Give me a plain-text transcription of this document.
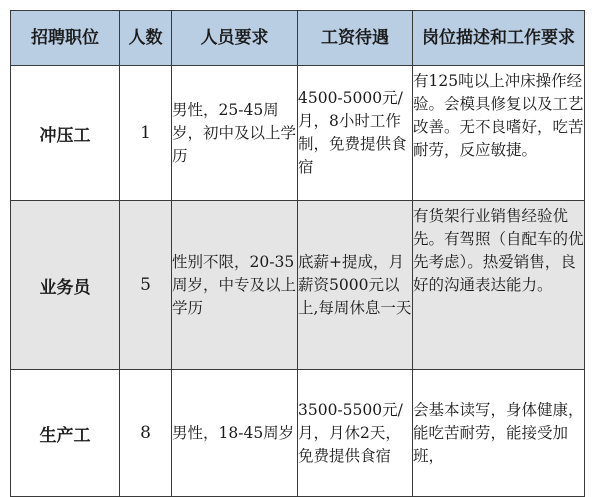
招聘职位	人数	人员要求	工资待遇	岗位描述和工作要求

冲压工	1	男性，25-45周岁，初中及以上学历	4500-5000元/月，8小时工作制，免费提供食宿	有125吨以上冲床操作经验。会模具修复以及工艺改善。无不良嗜好，吃苦耐劳，反应敏捷。

业务员	5	性别不限，20-35周岁，中专及以上学历	底薪+提成，月薪资5000元以上,每周休息一天	有货架行业销售经验优先。有驾照（自配车的优先考虑）。热爱销售，良好的沟通表达能力。

生产工	8	男性，18-45周岁	3500-5500元/月，月休2天，免费提供食宿	会基本读写，身体健康，能吃苦耐劳，能接受加班，
